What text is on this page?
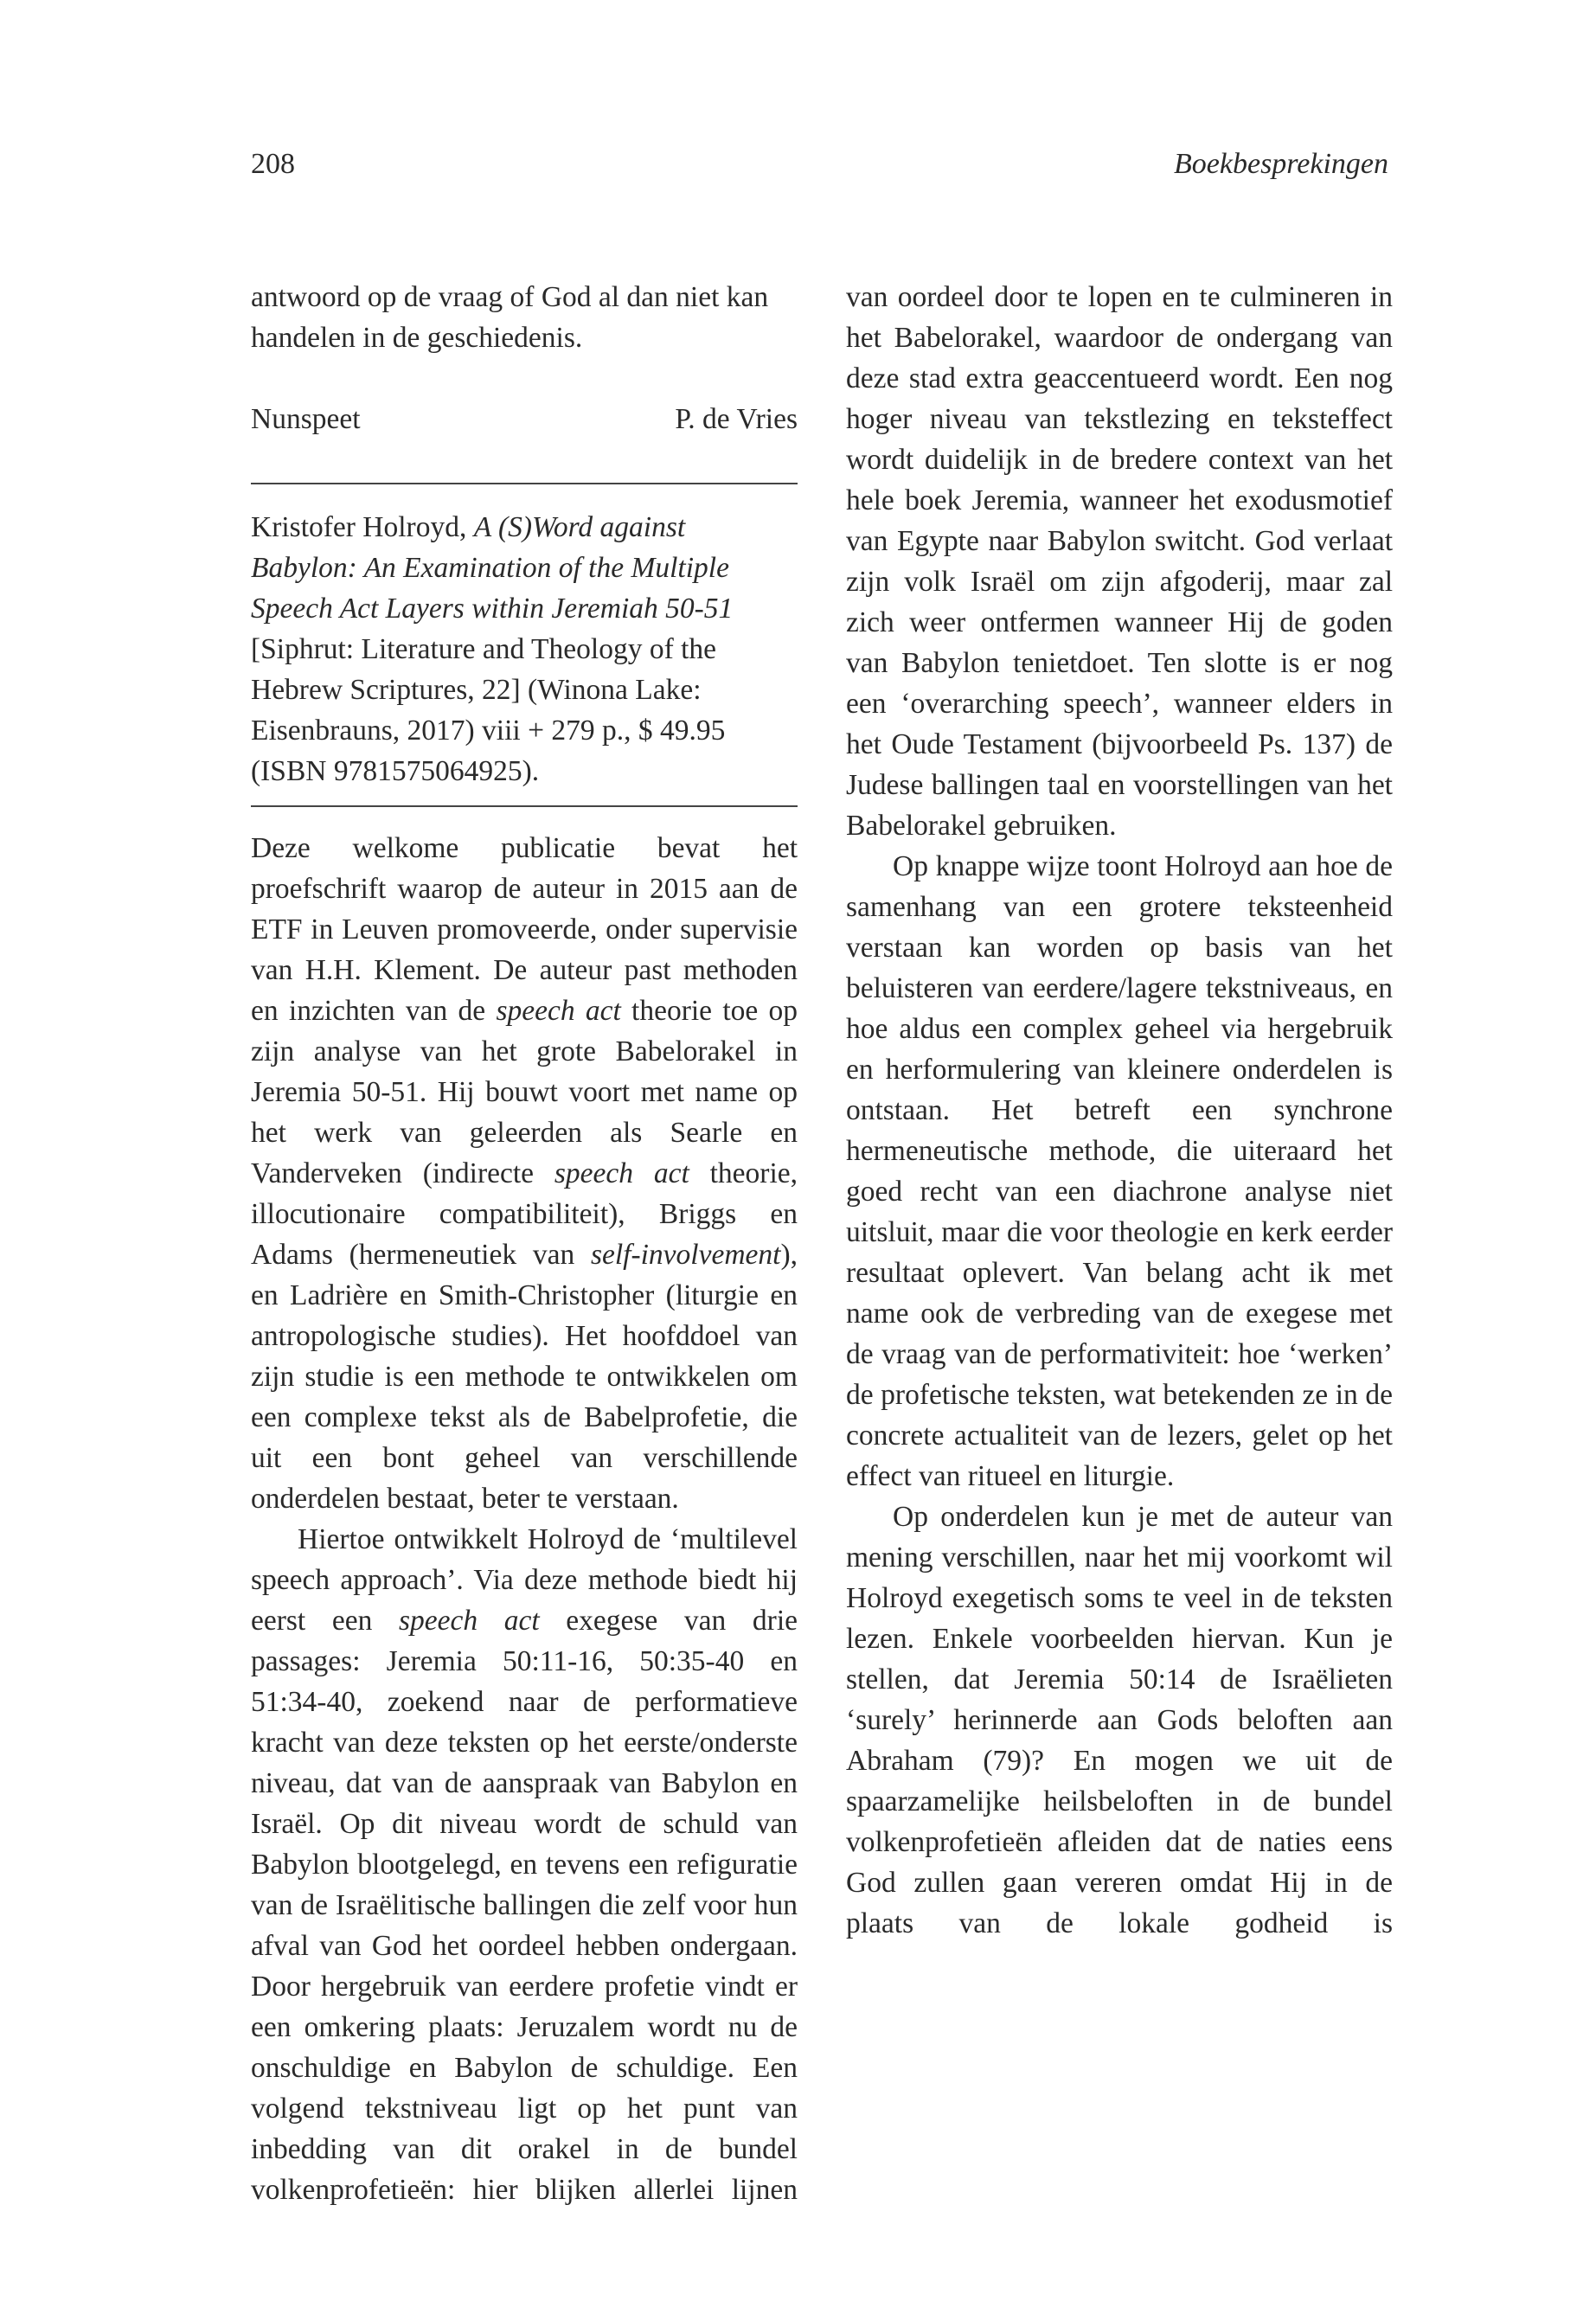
208	Boekbesprekingen

antwoord op de vraag of God al dan niet kan handelen in de geschiedenis.

Nunspeet	P. de Vries

Kristofer Holroyd, A (S)Word against Babylon: An Examination of the Multiple Speech Act Layers within Jeremiah 50-51 [Siphrut: Literature and Theology of the Hebrew Scriptures, 22] (Winona Lake: Eisenbrauns, 2017) viii + 279 p., $ 49.95 (ISBN 9781575064925).

Deze welkome publicatie bevat het proefschrift waarop de auteur in 2015 aan de ETF in Leuven promoveerde, onder supervisie van H.H. Klement. De auteur past methoden en inzichten van de speech act theorie toe op zijn analyse van het grote Babelorakel in Jeremia 50-51. Hij bouwt voort met name op het werk van geleerden als Searle en Vanderveken (indirecte speech act theorie, illocutionaire compatibiliteit), Briggs en Adams (hermeneutiek van self-involvement), en Ladrière en Smith-Christopher (liturgie en antropologische studies). Het hoofddoel van zijn studie is een methode te ontwikkelen om een complexe tekst als de Babelprofetie, die uit een bont geheel van verschillende onderdelen bestaat, beter te verstaan.

Hiertoe ontwikkelt Holroyd de ‘multilevel speech approach’. Via deze methode biedt hij eerst een speech act exegese van drie passages: Jeremia 50:11-16, 50:35-40 en 51:34-40, zoekend naar de performatieve kracht van deze teksten op het eerste/onderste niveau, dat van de aanspraak van Babylon en Israël. Op dit niveau wordt de schuld van Babylon blootgelegd, en tevens een refiguratie van de Israëlitische ballingen die zelf voor hun afval van God het oordeel hebben ondergaan. Door hergebruik van eerdere profetie vindt er een omkering plaats: Jeruzalem wordt nu de onschuldige en Babylon de schuldige. Een volgend tekstniveau ligt op het punt van inbedding van dit orakel in de bundel volkenprofetieën: hier blijken allerlei lijnen

van oordeel door te lopen en te culmineren in het Babelorakel, waardoor de ondergang van deze stad extra geaccentueerd wordt. Een nog hoger niveau van tekstlezing en teksteffect wordt duidelijk in de bredere context van het hele boek Jeremia, wanneer het exodusmotief van Egypte naar Babylon switcht. God verlaat zijn volk Israël om zijn afgoderij, maar zal zich weer ontfermen wanneer Hij de goden van Babylon tenietdoet. Ten slotte is er nog een ‘overarching speech’, wanneer elders in het Oude Testament (bijvoorbeeld Ps. 137) de Judese ballingen taal en voorstellingen van het Babelorakel gebruiken.

Op knappe wijze toont Holroyd aan hoe de samenhang van een grotere teksteenheid verstaan kan worden op basis van het beluisteren van eerdere/lagere tekstniveaus, en hoe aldus een complex geheel via hergebruik en herformulering van kleinere onderdelen is ontstaan. Het betreft een synchrone hermeneutische methode, die uiteraard het goed recht van een diachrone analyse niet uitsluit, maar die voor theologie en kerk eerder resultaat oplevert. Van belang acht ik met name ook de verbreding van de exegese met de vraag van de performativiteit: hoe ‘werken’ de profetische teksten, wat betekenden ze in de concrete actualiteit van de lezers, gelet op het effect van ritueel en liturgie.

Op onderdelen kun je met de auteur van mening verschillen, naar het mij voorkomt wil Holroyd exegetisch soms te veel in de teksten lezen. Enkele voorbeelden hiervan. Kun je stellen, dat Jeremia 50:14 de Israëlieten ‘surely’ herinnerde aan Gods beloften aan Abraham (79)? En mogen we uit de spaarzamelijke heilsbeloften in de bundel volkenprofetieën afleiden dat de naties eens God zullen gaan vereren omdat Hij in de plaats van de lokale godheid is
